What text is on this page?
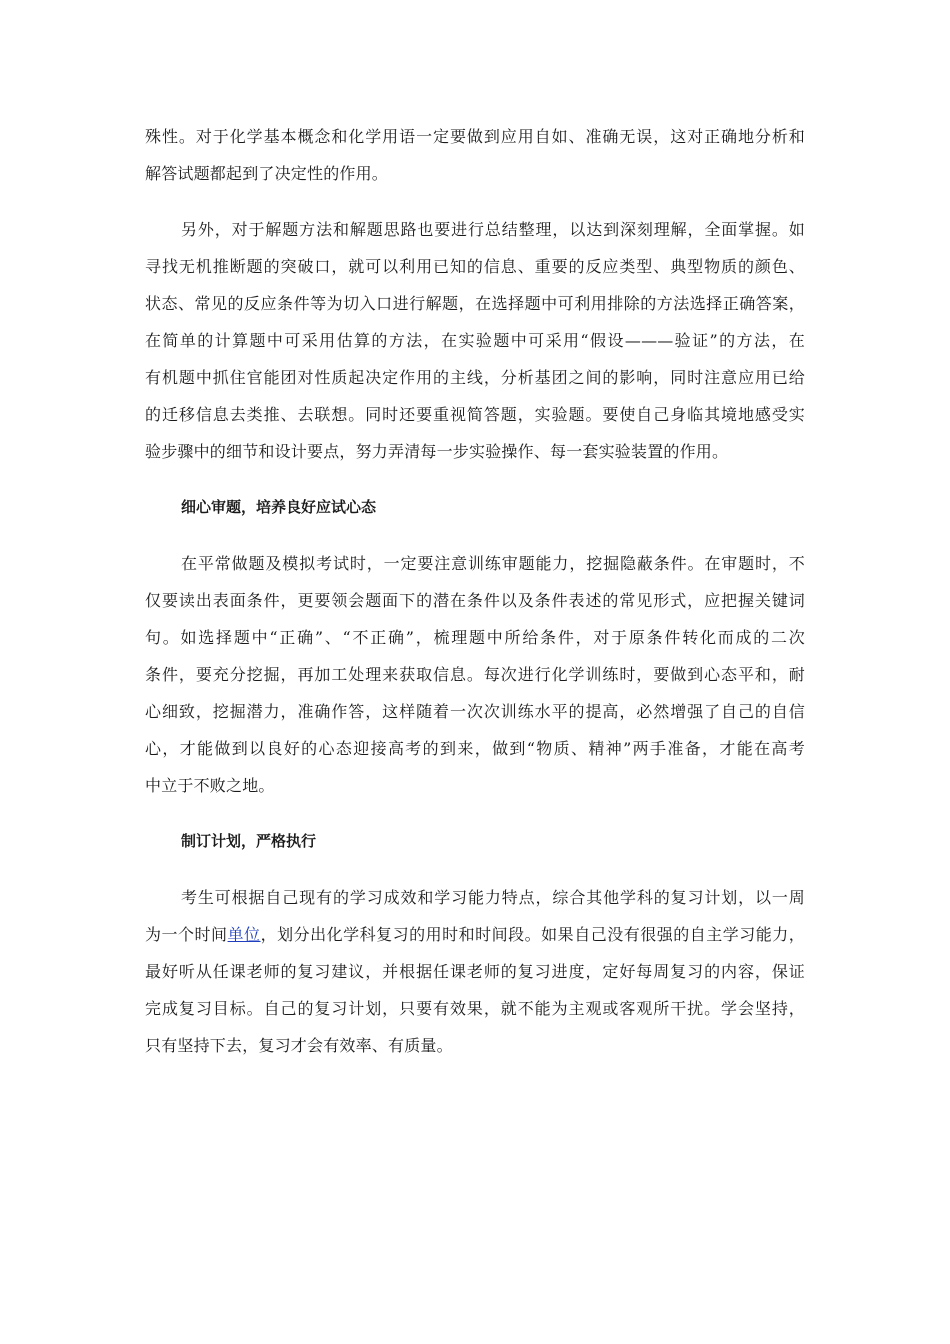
殊性。对于化学基本概念和化学用语一定要做到应用自如、准确无误，这对正确地分析和
解答试题都起到了决定性的作用。
另外，对于解题方法和解题思路也要进行总结整理，以达到深刻理解，全面掌握。如
寻找无机推断题的突破口，就可以利用已知的信息、重要的反应类型、典型物质的颜色、
状态、常见的反应条件等为切入口进行解题，在选择题中可利用排除的方法选择正确答案，
在简单的计算题中可采用估算的方法，在实验题中可采用“假设———验证”的方法，在
有机题中抓住官能团对性质起决定作用的主线，分析基团之间的影响，同时注意应用已给
的迁移信息去类推、去联想。同时还要重视简答题，实验题。要使自己身临其境地感受实
验步骤中的细节和设计要点，努力弄清每一步实验操作、每一套实验装置的作用。
细心审题，培养良好应试心态
在平常做题及模拟考试时，一定要注意训练审题能力，挖掘隐蔽条件。在审题时，不
仅要读出表面条件，更要领会题面下的潜在条件以及条件表述的常见形式，应把握关键词
句。如选择题中“正确”、“不正确”，梳理题中所给条件，对于原条件转化而成的二次
条件，要充分挖掘，再加工处理来获取信息。每次进行化学训练时，要做到心态平和，耐
心细致，挖掘潜力，准确作答，这样随着一次次训练水平的提高，必然增强了自己的自信
心，才能做到以良好的心态迎接高考的到来，做到“物质、精神”两手准备，才能在高考
中立于不败之地。
制订计划，严格执行
考生可根据自己现有的学习成效和学习能力特点，综合其他学科的复习计划，以一周
为一个时间单位，划分出化学科复习的用时和时间段。如果自己没有很强的自主学习能力，
最好听从任课老师的复习建议，并根据任课老师的复习进度，定好每周复习的内容，保证
完成复习目标。自己的复习计划，只要有效果，就不能为主观或客观所干扰。学会坚持，
只有坚持下去，复习才会有效率、有质量。
